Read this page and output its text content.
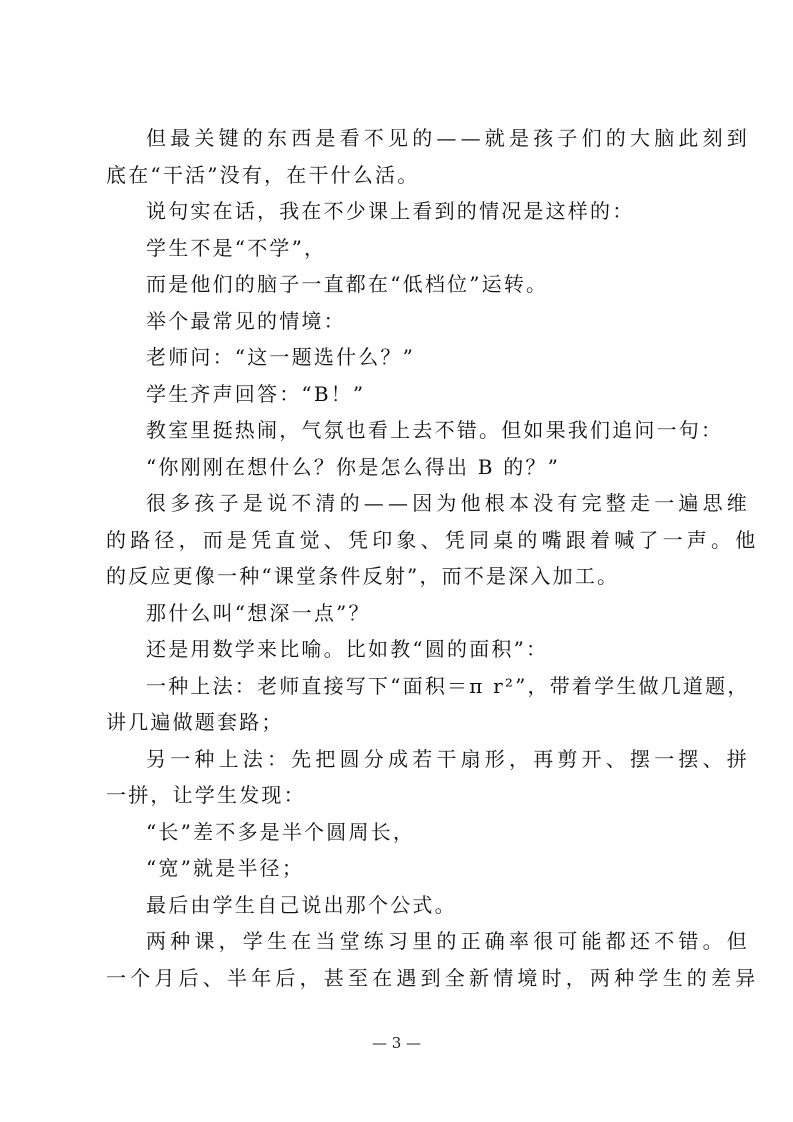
但最关键的东西是看不见的——就是孩子们的大脑此刻到
底在“干活”没有，在干什么活。
说句实在话，我在不少课上看到的情况是这样的：
学生不是“不学”，
而是他们的脑子一直都在“低档位”运转。
举个最常见的情境：
老师问：“这一题选什么？”
学生齐声回答：“B！”
教室里挺热闹，气氛也看上去不错。但如果我们追问一句：
“你刚刚在想什么？你是怎么得出 B 的？”
很多孩子是说不清的——因为他根本没有完整走一遍思维
的路径，而是凭直觉、凭印象、凭同桌的嘴跟着喊了一声。他
的反应更像一种“课堂条件反射”，而不是深入加工。
那什么叫“想深一点”？
还是用数学来比喻。比如教“圆的面积”：
一种上法：老师直接写下“面积＝π r²”，带着学生做几道题，
讲几遍做题套路；
另一种上法：先把圆分成若干扇形，再剪开、摆一摆、拼
一拼，让学生发现：
“长”差不多是半个圆周长，
“宽”就是半径；
最后由学生自己说出那个公式。
两种课，学生在当堂练习里的正确率很可能都还不错。但
一个月后、半年后，甚至在遇到全新情境时，两种学生的差异
— 3 —
